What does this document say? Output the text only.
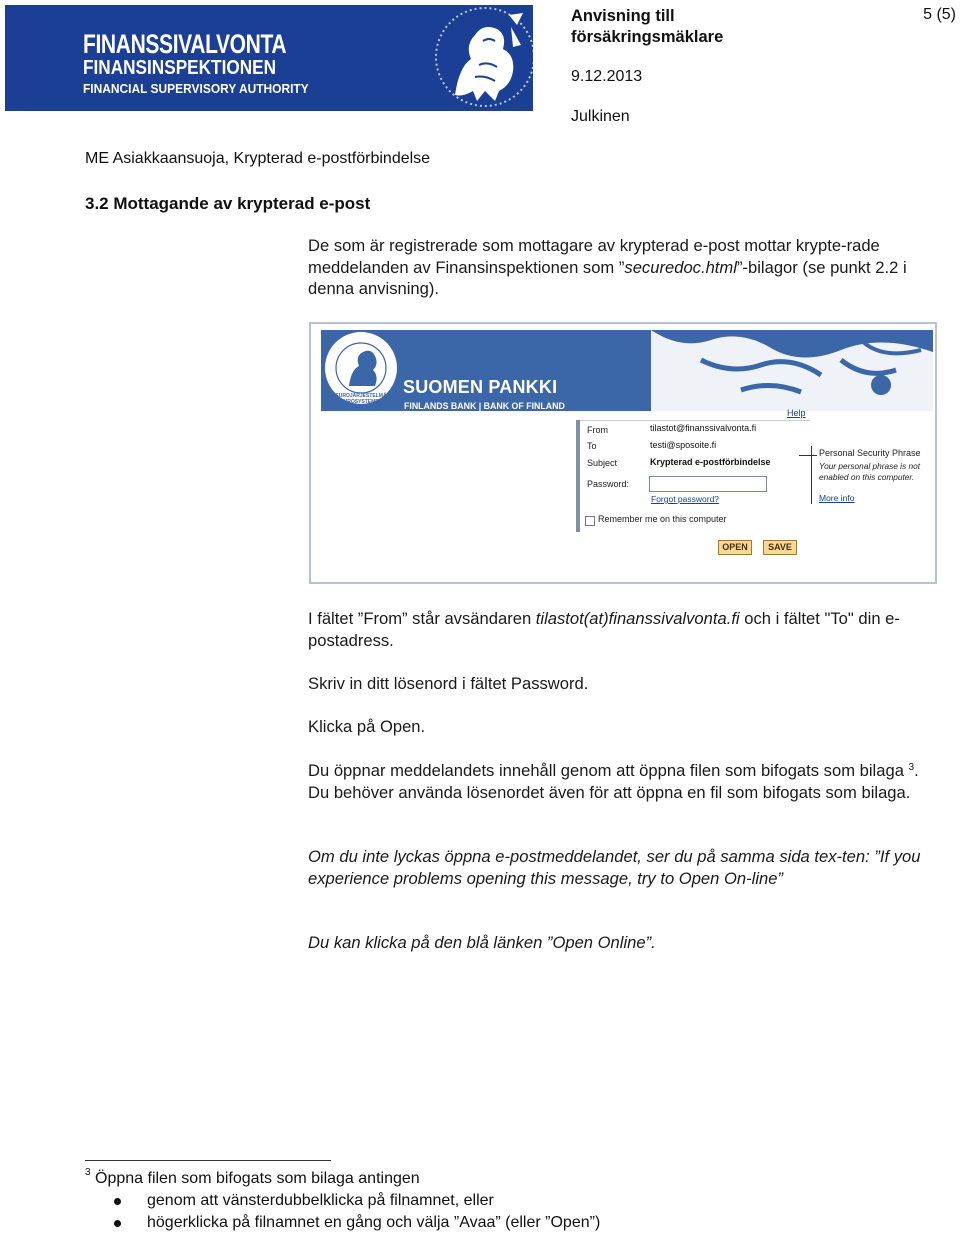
FINANSSIVALVONTA
FINANSINSPEKTIONEN
FINANCIAL SUPERVISORY AUTHORITY
Anvisning till
försäkringsmäklare
5 (5)
9.12.2013
Julkinen
ME Asiakkaansuoja, Krypterad e-postförbindelse
3.2 Mottagande av krypterad e-post
De som är registrerade som mottagare av krypterad e-post mottar krypte-rade meddelanden av Finansinspektionen som ”securedoc.html”-bilagor (se punkt 2.2 i denna anvisning).
EUROJÄRJESTELMÄ EUROSYSTEMET
SUOMEN PANKKI
FINLANDS BANK | BANK OF FINLAND
Help
From	tilastot@finanssivalvonta.fi
To	testi@sposoite.fi
Subject	Krypterad e-postförbindelse
Password:
Forgot password?
Remember me on this computer
OPEN	SAVE
Personal Security Phrase
Your personal phrase is not enabled on this computer.
More info
I fältet ”From” står avsändaren tilastot(at)finanssivalvonta.fi och i fältet "To" din e-postadress.
Skriv in ditt lösenord i fältet Password.
Klicka på Open.
Du öppnar meddelandets innehåll genom att öppna filen som bifogats som bilaga $^3$. Du behöver använda lösenordet även för att öppna en fil som bifogats som bilaga.
Om du inte lyckas öppna e-postmeddelandet, ser du på samma sida tex-ten: ”If you experience problems opening this message, try to Open On-line”
Du kan klicka på den blå länken ”Open Online”.
$^3$ Öppna filen som bifogats som bilaga antingen
genom att vänsterdubbelklicka på filnamnet, eller
högerklicka på filnamnet en gång och välja ”Avaa” (eller ”Open”)
